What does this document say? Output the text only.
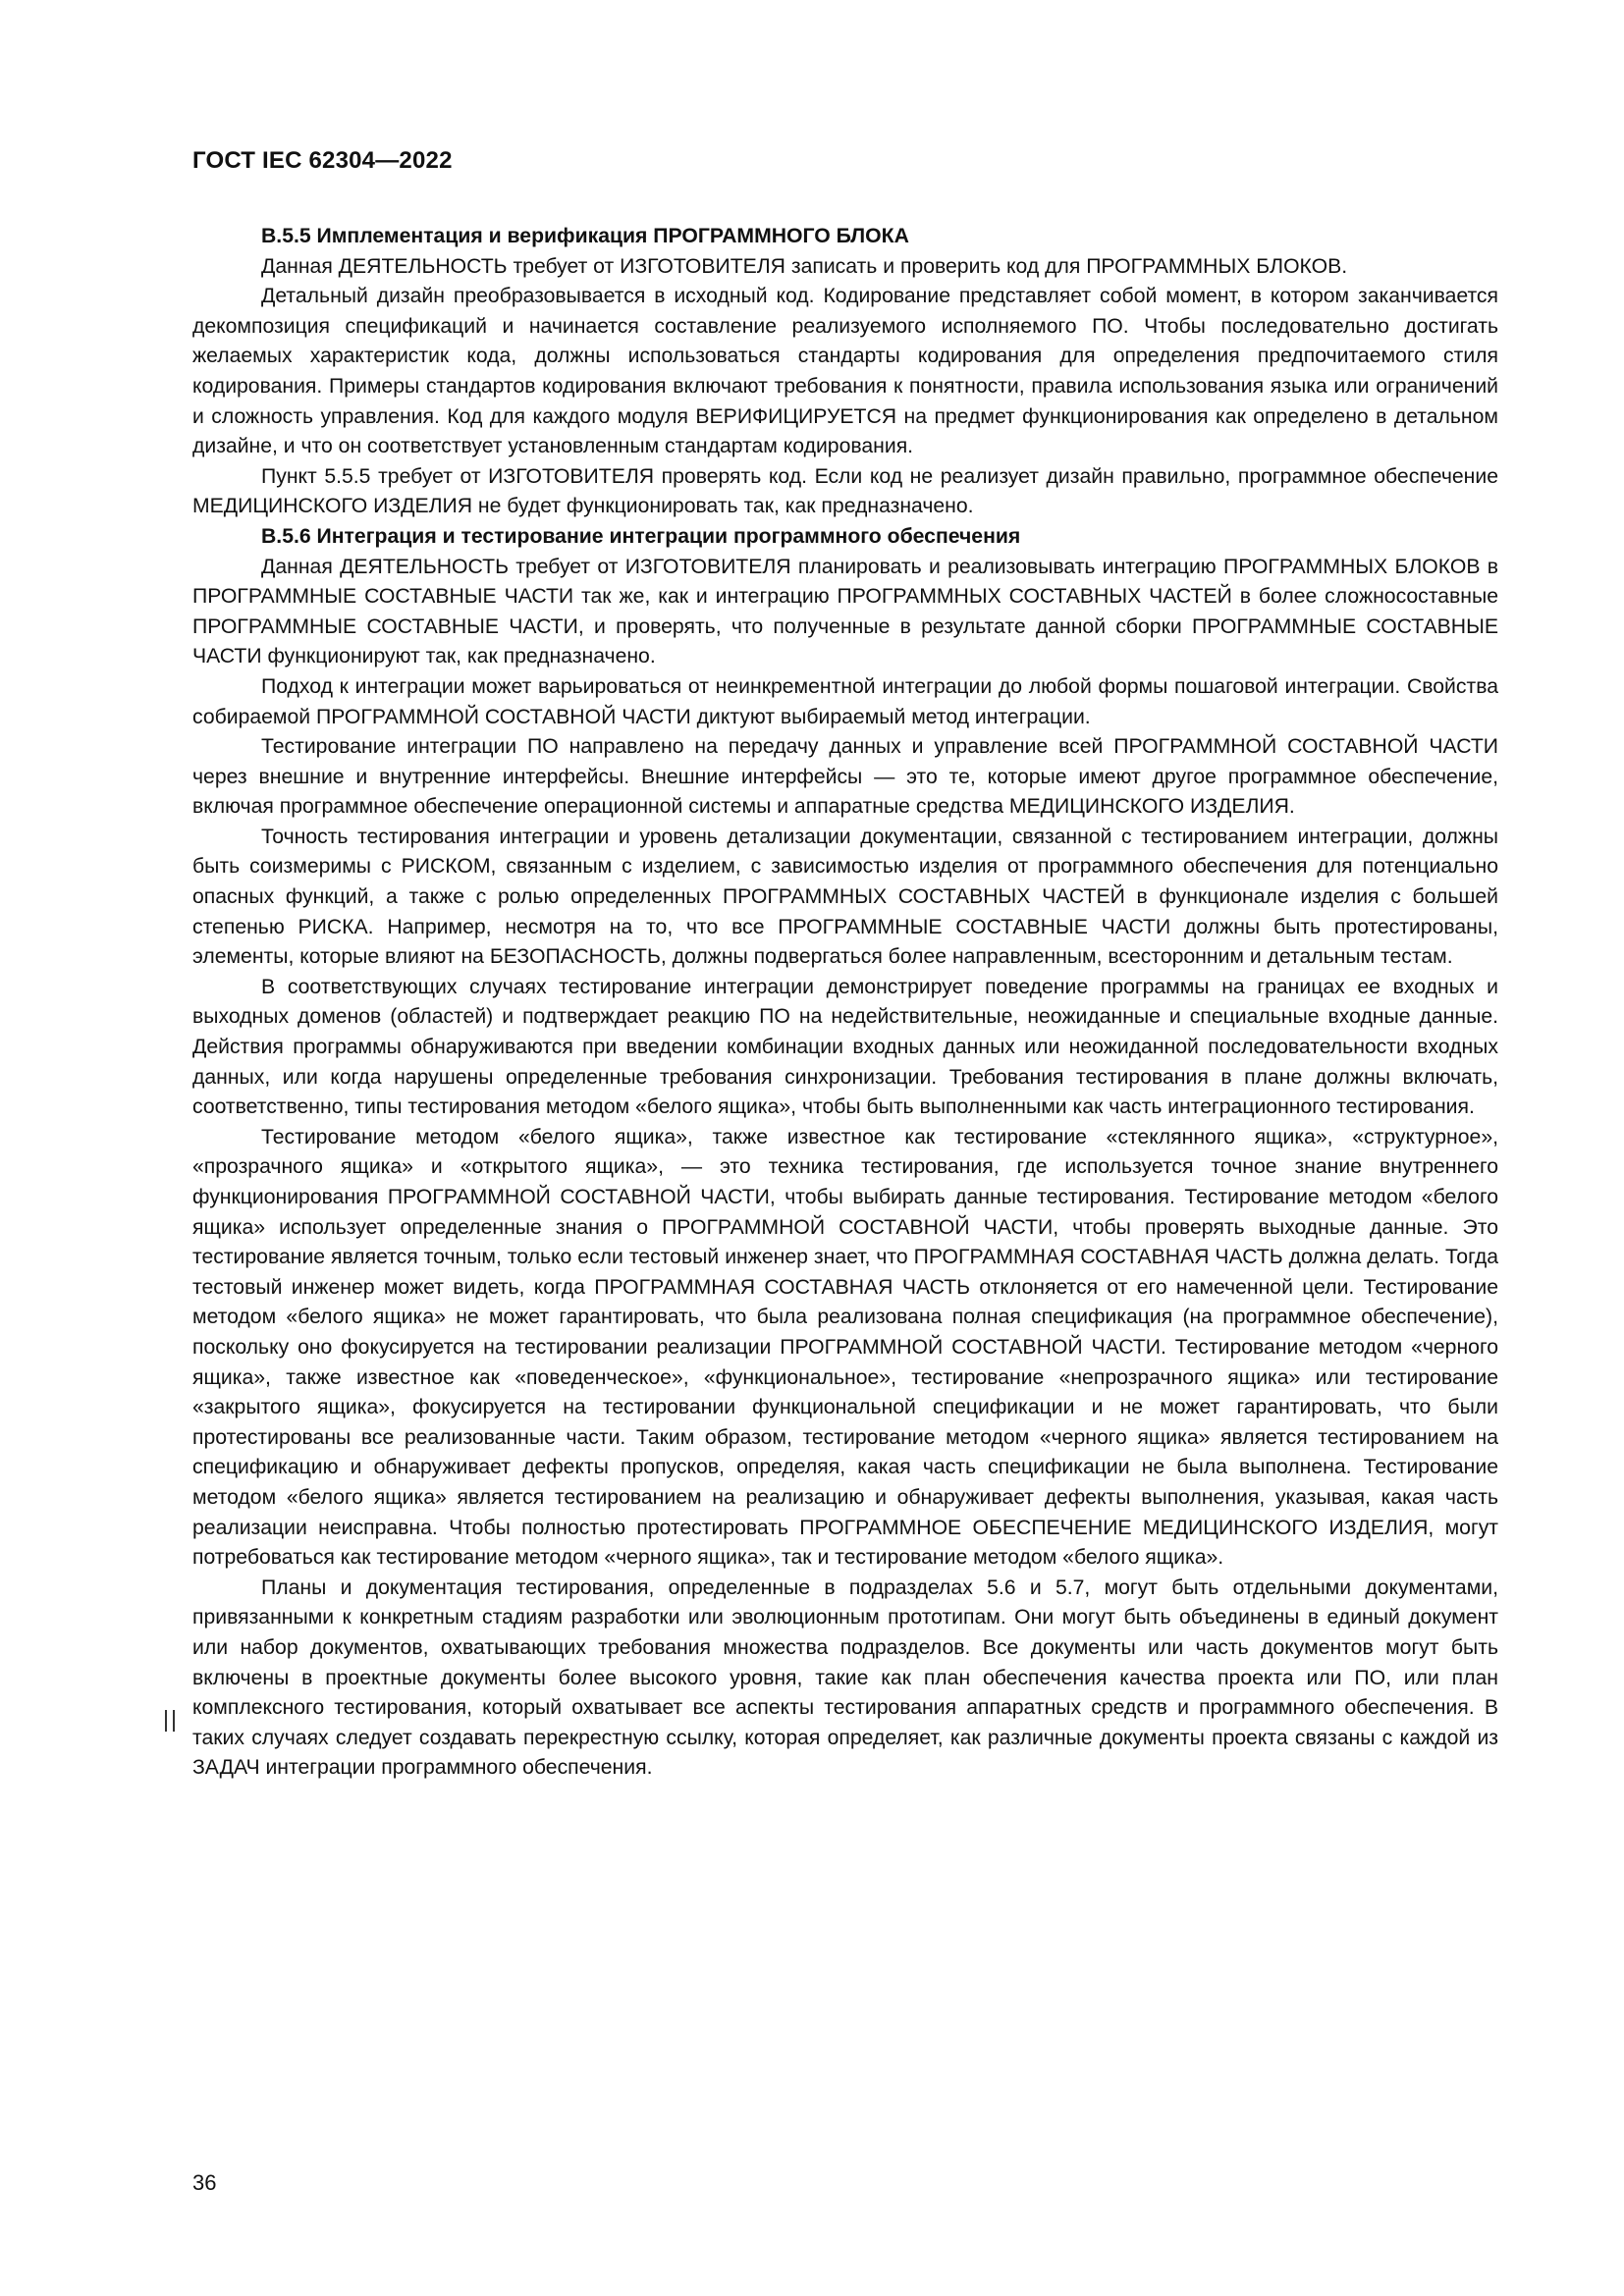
ГОСТ IEC 62304—2022
В.5.5 Имплементация и верификация ПРОГРАММНОГО БЛОКА

Данная ДЕЯТЕЛЬНОСТЬ требует от ИЗГОТОВИТЕЛЯ записать и проверить код для ПРОГРАММНЫХ БЛОКОВ.

Детальный дизайн преобразовывается в исходный код. Кодирование представляет собой момент, в котором заканчивается декомпозиция спецификаций и начинается составление реализуемого исполняемого ПО. Чтобы последовательно достигать желаемых характеристик кода, должны использоваться стандарты кодирования для определения предпочитаемого стиля кодирования. Примеры стандартов кодирования включают требования к понятности, правила использования языка или ограничений и сложность управления. Код для каждого модуля ВЕРИФИЦИРУЕТСЯ на предмет функционирования как определено в детальном дизайне, и что он соответствует установленным стандартам кодирования.

Пункт 5.5.5 требует от ИЗГОТОВИТЕЛЯ проверять код. Если код не реализует дизайн правильно, программное обеспечение МЕДИЦИНСКОГО ИЗДЕЛИЯ не будет функционировать так, как предназначено.

В.5.6 Интеграция и тестирование интеграции программного обеспечения

Данная ДЕЯТЕЛЬНОСТЬ требует от ИЗГОТОВИТЕЛЯ планировать и реализовывать интеграцию ПРОГРАММНЫХ БЛОКОВ в ПРОГРАММНЫЕ СОСТАВНЫЕ ЧАСТИ так же, как и интеграцию ПРОГРАММНЫХ СОСТАВНЫХ ЧАСТЕЙ в более сложносоставные ПРОГРАММНЫЕ СОСТАВНЫЕ ЧАСТИ, и проверять, что полученные в результате данной сборки ПРОГРАММНЫЕ СОСТАВНЫЕ ЧАСТИ функционируют так, как предназначено.

Подход к интеграции может варьироваться от неинкрементной интеграции до любой формы пошаговой интеграции. Свойства собираемой ПРОГРАММНОЙ СОСТАВНОЙ ЧАСТИ диктуют выбираемый метод интеграции.

Тестирование интеграции ПО направлено на передачу данных и управление всей ПРОГРАММНОЙ СОСТАВНОЙ ЧАСТИ через внешние и внутренние интерфейсы. Внешние интерфейсы — это те, которые имеют другое программное обеспечение, включая программное обеспечение операционной системы и аппаратные средства МЕДИЦИНСКОГО ИЗДЕЛИЯ.

Точность тестирования интеграции и уровень детализации документации, связанной с тестированием интеграции, должны быть соизмеримы с РИСКОМ, связанным с изделием, с зависимостью изделия от программного обеспечения для потенциально опасных функций, а также с ролью определенных ПРОГРАММНЫХ СОСТАВНЫХ ЧАСТЕЙ в функционале изделия с большей степенью РИСКА. Например, несмотря на то, что все ПРОГРАММНЫЕ СОСТАВНЫЕ ЧАСТИ должны быть протестированы, элементы, которые влияют на БЕЗОПАСНОСТЬ, должны подвергаться более направленным, всесторонним и детальным тестам.

В соответствующих случаях тестирование интеграции демонстрирует поведение программы на границах ее входных и выходных доменов (областей) и подтверждает реакцию ПО на недействительные, неожиданные и специальные входные данные. Действия программы обнаруживаются при введении комбинации входных данных или неожиданной последовательности входных данных, или когда нарушены определенные требования синхронизации. Требования тестирования в плане должны включать, соответственно, типы тестирования методом «белого ящика», чтобы быть выполненными как часть интеграционного тестирования.

Тестирование методом «белого ящика», также известное как тестирование «стеклянного ящика», «структурное», «прозрачного ящика» и «открытого ящика», — это техника тестирования, где используется точное знание внутреннего функционирования ПРОГРАММНОЙ СОСТАВНОЙ ЧАСТИ, чтобы выбирать данные тестирования. Тестирование методом «белого ящика» использует определенные знания о ПРОГРАММНОЙ СОСТАВНОЙ ЧАСТИ, чтобы проверять выходные данные. Это тестирование является точным, только если тестовый инженер знает, что ПРОГРАММНАЯ СОСТАВНАЯ ЧАСТЬ должна делать. Тогда тестовый инженер может видеть, когда ПРОГРАММНАЯ СОСТАВНАЯ ЧАСТЬ отклоняется от его намеченной цели. Тестирование методом «белого ящика» не может гарантировать, что была реализована полная спецификация (на программное обеспечение), поскольку оно фокусируется на тестировании реализации ПРОГРАММНОЙ СОСТАВНОЙ ЧАСТИ. Тестирование методом «черного ящика», также известное как «поведенческое», «функциональное», тестирование «непрозрачного ящика» или тестирование «закрытого ящика», фокусируется на тестировании функциональной спецификации и не может гарантировать, что были протестированы все реализованные части. Таким образом, тестирование методом «черного ящика» является тестированием на спецификацию и обнаруживает дефекты пропусков, определяя, какая часть спецификации не была выполнена. Тестирование методом «белого ящика» является тестированием на реализацию и обнаруживает дефекты выполнения, указывая, какая часть реализации неисправна. Чтобы полностью протестировать ПРОГРАММНОЕ ОБЕСПЕЧЕНИЕ МЕДИЦИНСКОГО ИЗДЕЛИЯ, могут потребоваться как тестирование методом «черного ящика», так и тестирование методом «белого ящика».

Планы и документация тестирования, определенные в подразделах 5.6 и 5.7, могут быть отдельными документами, привязанными к конкретным стадиям разработки или эволюционным прототипам. Они могут быть объединены в единый документ или набор документов, охватывающих требования множества подразделов. Все документы или часть документов могут быть включены в проектные документы более высокого уровня, такие как план обеспечения качества проекта или ПО, или план комплексного тестирования, который охватывает все аспекты тестирования аппаратных средств и программного обеспечения. В таких случаях следует создавать перекрестную ссылку, которая определяет, как различные документы проекта связаны с каждой из ЗАДАЧ интеграции программного обеспечения.

36
